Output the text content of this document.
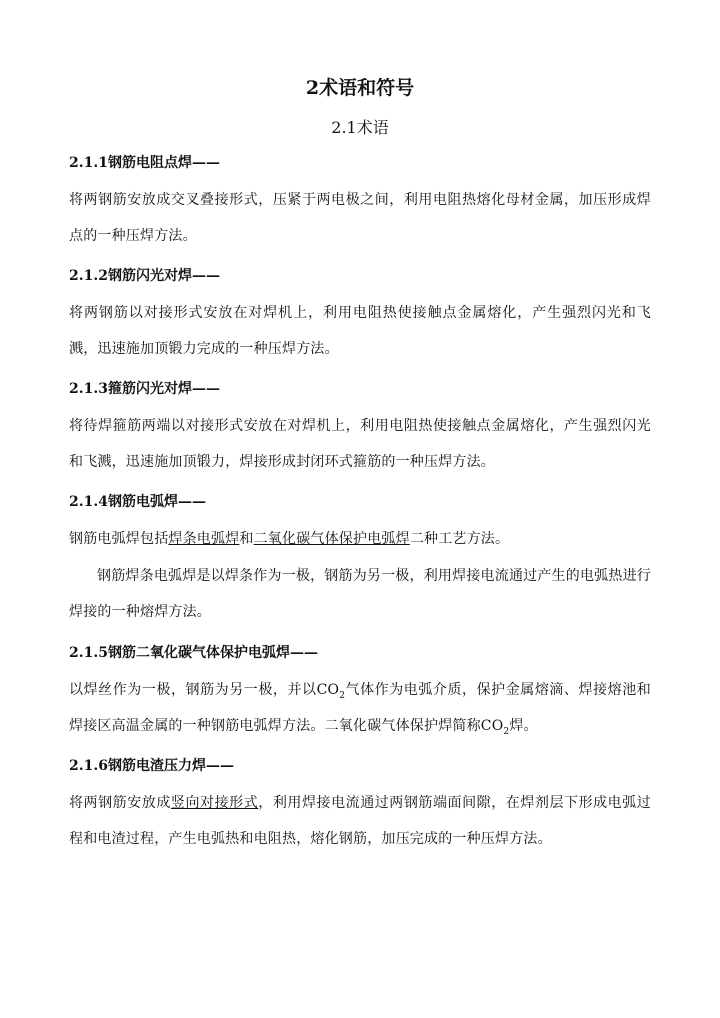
2术语和符号
2.1术语
2.1.1钢筋电阻点焊——
将两钢筋安放成交叉叠接形式，压紧于两电极之间，利用电阻热熔化母材金属，加压形成焊点的一种压焊方法。
2.1.2钢筋闪光对焊——
将两钢筋以对接形式安放在对焊机上，利用电阻热使接触点金属熔化，产生强烈闪光和飞溅，迅速施加顶锻力完成的一种压焊方法。
2.1.3箍筋闪光对焊——
将待焊箍筋两端以对接形式安放在对焊机上，利用电阻热使接触点金属熔化，产生强烈闪光和飞溅，迅速施加顶锻力，焊接形成封闭环式箍筋的一种压焊方法。
2.1.4钢筋电弧焊——
钢筋电弧焊包括焊条电弧焊和二氧化碳气体保护电弧焊二种工艺方法。
钢筋焊条电弧焊是以焊条作为一极，钢筋为另一极，利用焊接电流通过产生的电弧热进行焊接的一种熔焊方法。
2.1.5钢筋二氧化碳气体保护电弧焊——
以焊丝作为一极，钢筋为另一极，并以$CO_2$气体作为电弧介质，保护金属熔滴、焊接熔池和焊接区高温金属的一种钢筋电弧焊方法。二氧化碳气体保护焊简称$CO_2$焊。
2.1.6钢筋电渣压力焊——
将两钢筋安放成竖向对接形式，利用焊接电流通过两钢筋端面间隙，在焊剂层下形成电弧过程和电渣过程，产生电弧热和电阻热，熔化钢筋，加压完成的一种压焊方法。
